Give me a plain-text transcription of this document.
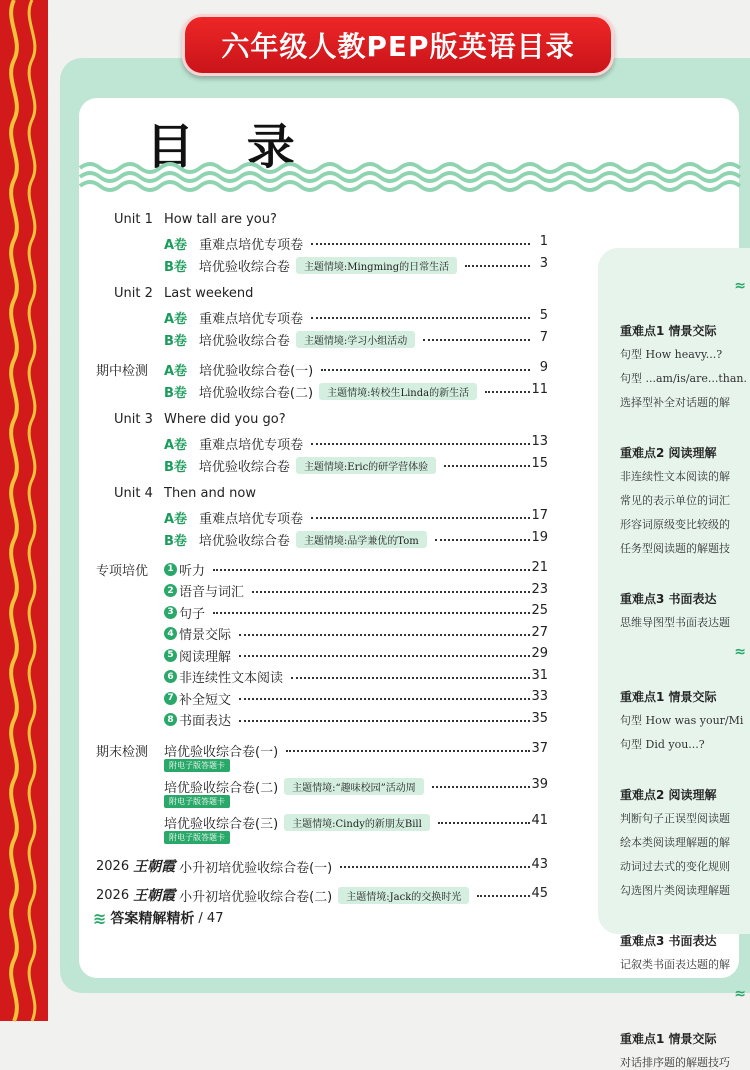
≈
重难点1 情景交际
句型 How heavy...?
句型 ...am/is/are...than.
选择型补全对话题的解
重难点2 阅读理解
非连续性文本阅读的解
常见的表示单位的词汇
形容词原级变比较级的
任务型阅读题的解题技
重难点3 书面表达
思维导图型书面表达题
≈
重难点1 情景交际
句型 How was your/Mi
句型 Did you...?
重难点2 阅读理解
判断句子正误型阅读题
绘本类阅读理解题的解
动词过去式的变化规则
勾选图片类阅读理解题
重难点3 书面表达
记叙类书面表达题的解
≈
重难点1 情景交际
对话排序题的解题技巧
六年级人教PEP版英语目录
目 录
Unit 1 How tall are you?
A卷 重难点培优专项卷	1
B卷 培优验收综合卷	主题情境:Mingming的日常生活	3
Unit 2 Last weekend
A卷 重难点培优专项卷	5
B卷 培优验收综合卷	主题情境:学习小组活动	7
期中检测 A卷 培优验收综合卷(一)	9
B卷 培优验收综合卷(二)	主题情境:转校生Linda的新生活	11
Unit 3 Where did you go?
A卷 重难点培优专项卷	13
B卷 培优验收综合卷	主题情境:Eric的研学营体验	15
Unit 4 Then and now
A卷 重难点培优专项卷	17
B卷 培优验收综合卷	主题情境:品学兼优的Tom	19
专项培优	1 听力	21
2 语音与词汇	23
3 句子	25
4 情景交际	27
5 阅读理解	29
6 非连续性文本阅读	31
7 补全短文	33
8 书面表达	35
期末检测 培优验收综合卷(一)	37
附电子版答题卡
培优验收综合卷(二)	主题情境:“趣味校园”活动周	39
附电子版答题卡
培优验收综合卷(三)	主题情境:Cindy的新朋友Bill	41
附电子版答题卡
2026 王朝霞 小升初培优验收综合卷(一)	43
2026 王朝霞 小升初培优验收综合卷(二)	主题情境:Jack的交换时光	45
≋ 答案精解精析 / 47
